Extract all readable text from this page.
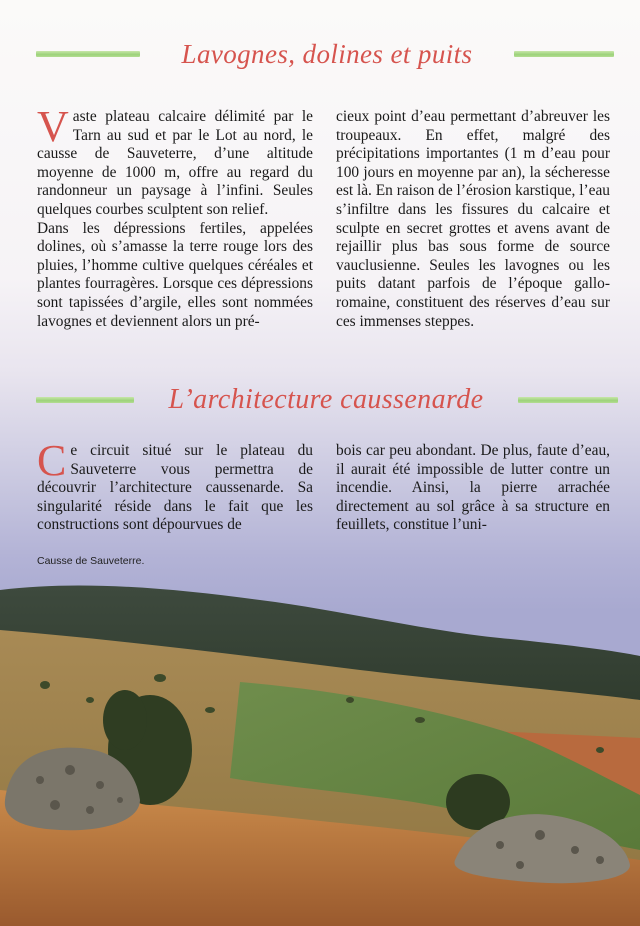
Lavognes, dolines et puits

Vaste plateau calcaire délimité par le Tarn au sud et par le Lot au nord, le causse de Sauveterre, d’une altitude moyenne de 1000 m, offre au regard du randonneur un paysage à l’infini. Seules quelques courbes sculptent son relief.

Dans les dépressions fertiles, appelées dolines, où s’amasse la terre rouge lors des pluies, l’homme cultive quelques céréales et plantes fourragères. Lorsque ces dépressions sont tapissées d’argile, elles sont nommées lavognes et deviennent alors un pré-

cieux point d’eau permettant d’abreuver les troupeaux. En effet, malgré des précipitations importantes (1 m d’eau pour 100 jours en moyenne par an), la sécheresse est là. En raison de l’érosion karstique, l’eau s’infiltre dans les fissures du calcaire et sculpte en secret grottes et avens avant de rejaillir plus bas sous forme de source vauclusienne. Seules les lavognes ou les puits datant parfois de l’époque gallo-romaine, constituent des réserves d’eau sur ces immenses steppes.

L’architecture caussenarde

Ce circuit situé sur le plateau du Sauveterre vous permettra de découvrir l’architecture caussenarde. Sa singularité réside dans le fait que les constructions sont dépourvues de

bois car peu abondant. De plus, faute d’eau, il aurait été impossible de lutter contre un incendie. Ainsi, la pierre arrachée directement au sol grâce à sa structure en feuillets, constitue l’uni-

Causse de Sauveterre.
